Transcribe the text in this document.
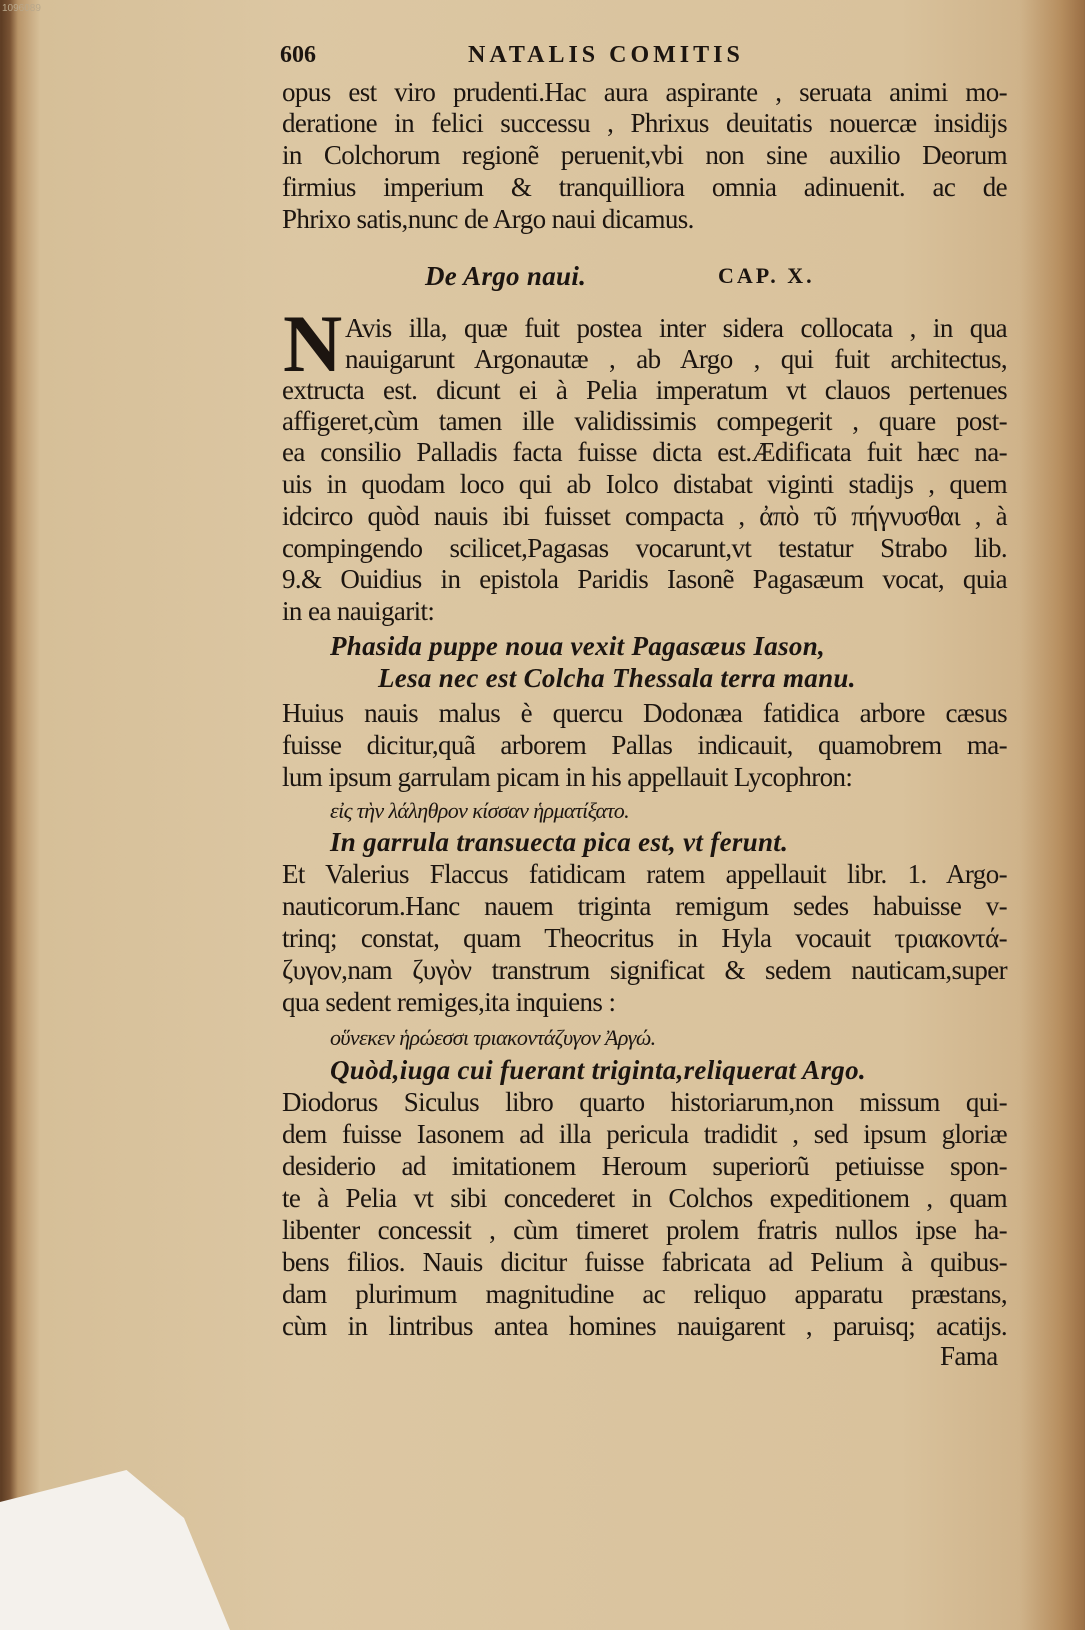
1096089
606	NATALIS COMITIS
opus est viro prudenti.Hac aura aspirante , seruata animi mo-
deratione in felici successu , Phrixus deuitatis nouercæ insidijs
in Colchorum regionẽ peruenit,vbi non sine auxilio Deorum
firmius imperium & tranquilliora omnia adinuenit. ac de
Phrixo satis,nunc de Argo naui dicamus.
De Argo naui.	CAP. X.
N Avis illa, quæ fuit postea inter sidera collocata , in qua
nauigarunt Argonautæ , ab Argo , qui fuit architectus,
extructa est. dicunt ei à Pelia imperatum vt clauos pertenues
affigeret,cùm tamen ille validissimis compegerit , quare post-
ea consilio Palladis facta fuisse dicta est.Ædificata fuit hæc na-
uis in quodam loco qui ab Iolco distabat viginti stadijs , quem
idcirco quòd nauis ibi fuisset compacta , ἀπὸ τῦ πήγνυσθαι , à
compingendo scilicet,Pagasas vocarunt,vt testatur Strabo lib.
9.& Ouidius in epistola Paridis Iasonẽ Pagasæum vocat, quia
in ea nauigarit:
Phasida puppe noua vexit Pagasæus Iason,
Lesa nec est Colcha Thessala terra manu.
Huius nauis malus è quercu Dodonæa fatidica arbore cæsus
fuisse dicitur,quã arborem Pallas indicauit, quamobrem ma-
lum ipsum garrulam picam in his appellauit Lycophron:
εἰς τὴν λάληθρον κίσσαν ἡρματίξατο.
In garrula transuecta pica est, vt ferunt.
Et Valerius Flaccus fatidicam ratem appellauit libr. 1. Argo-
nauticorum.Hanc nauem triginta remigum sedes habuisse v-
trinq; constat, quam Theocritus in Hyla vocauit τριακοντά-
ζυγον,nam ζυγὸν transtrum significat & sedem nauticam,super
qua sedent remiges,ita inquiens :
οὕνεκεν ἡρώεσσι τριακοντάζυγον Ἀργώ.
Quòd,iuga cui fuerant triginta,reliquerat Argo.
Diodorus Siculus libro quarto historiarum,non missum qui-
dem fuisse Iasonem ad illa pericula tradidit , sed ipsum gloriæ
desiderio ad imitationem Heroum superiorũ petiuisse spon-
te à Pelia vt sibi concederet in Colchos expeditionem , quam
libenter concessit , cùm timeret prolem fratris nullos ipse ha-
bens filios. Nauis dicitur fuisse fabricata ad Pelium à quibus-
dam plurimum magnitudine ac reliquo apparatu præstans,
cùm in lintribus antea homines nauigarent , paruisq; acatijs.
Fama
